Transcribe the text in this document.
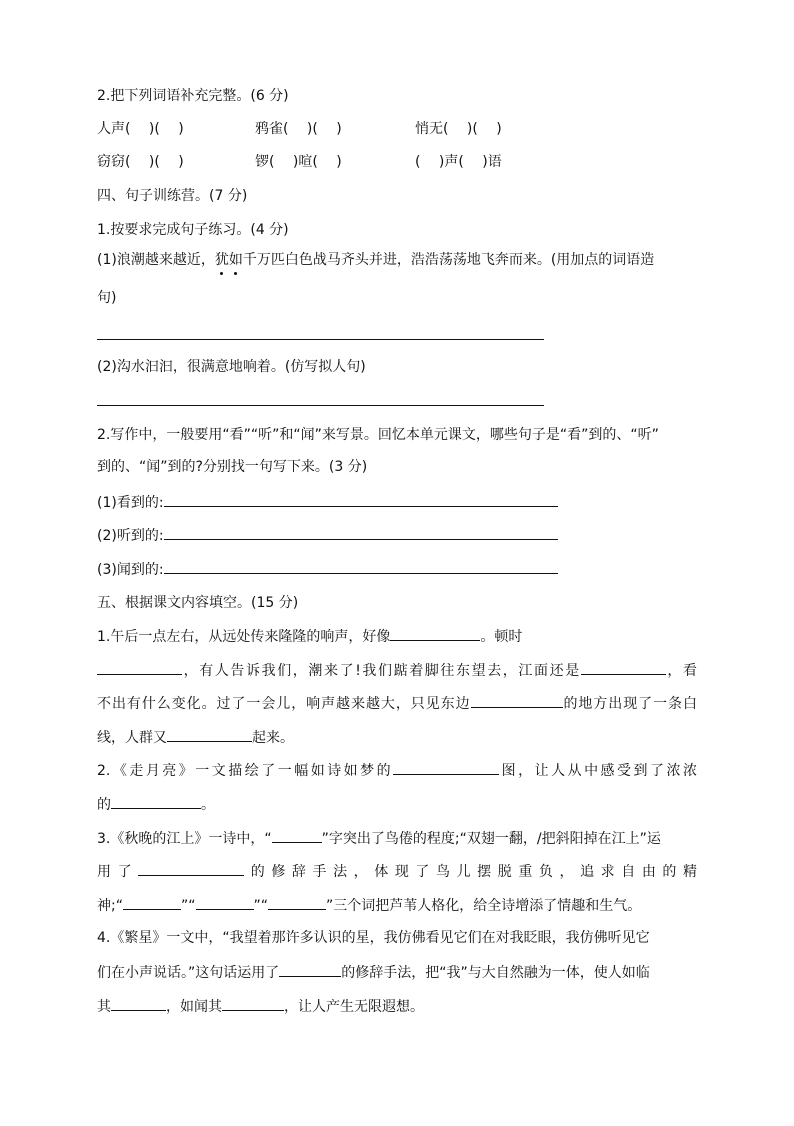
2.把下列词语补充完整。(6 分)
人声(　 )(　 )	鸦雀(　 )(　 )	悄无(　 )(　 )
窃窃(　 )(　 )	锣(　 )喧(　 )	(　 )声(　 )语
四、句子训练营。(7 分)
1.按要求完成句子练习。(4 分)
(1)浪潮越来越近，犹如千万匹白色战马齐头并进，浩浩荡荡地飞奔而来。(用加点的词语造
句)
(2)沟水汩汩，很满意地响着。(仿写拟人句)
2.写作中，一般要用“看”“听”和“闻”来写景。回忆本单元课文，哪些句子是“看”到的、“听”
到的、“闻”到的?分别找一句写下来。(3 分)
(1)看到的:
(2)听到的:
(3)闻到的:
五、根据课文内容填空。(15 分)
1.午后一点左右，从远处传来隆隆的响声，好像	。顿时
，有人告诉我们，潮来了!我们踮着脚往东望去，江面还是	，看
不出有什么变化。过了一会儿，响声越来越大，只见东边	的地方出现了一条白
线，人群又	起来。
2.《走月亮》一文描绘了一幅如诗如梦的	图，让人从中感受到了浓浓
的	。
3.《秋晚的江上》一诗中，“	”字突出了鸟倦的程度;“双翅一翻，/把斜阳掉在江上”运
用了	的修辞手法，体现了鸟儿摆脱重负，追求自由的精
神;“	”“	”“	”三个词把芦苇人格化，给全诗增添了情趣和生气。
4.《繁星》一文中，“我望着那许多认识的星，我仿佛看见它们在对我眨眼，我仿佛听见它
们在小声说话。”这句话运用了	的修辞手法，把“我”与大自然融为一体，使人如临
其	，如闻其	，让人产生无限遐想。
